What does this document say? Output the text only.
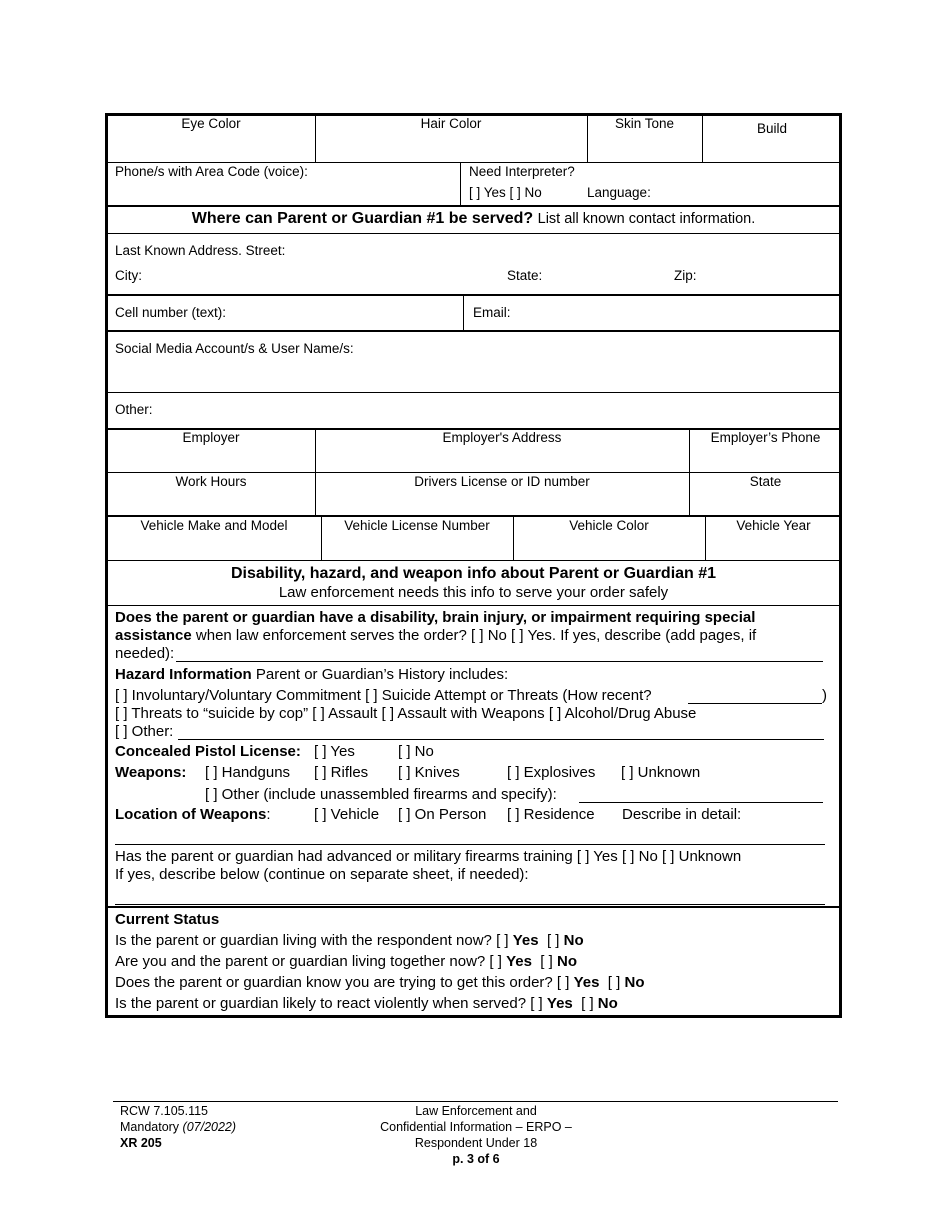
Eye Color	Hair Color	Skin Tone	Build
Phone/s with Area Code (voice):	Need Interpreter?
[ ] Yes [ ] No	Language:
Where can Parent or Guardian #1 be served? List all known contact information.
Last Known Address. Street:
City:	State:	Zip:
Cell number (text):	Email:
Social Media Account/s & User Name/s:
Other:
Employer	Employer's Address	Employer’s Phone
Work Hours	Drivers License or ID number	State
Vehicle Make and Model	Vehicle License Number	Vehicle Color	Vehicle Year
Disability, hazard, and weapon info about Parent or Guardian #1
Law enforcement needs this info to serve your order safely
Does the parent or guardian have a disability, brain injury, or impairment requiring special
assistance when law enforcement serves the order? [ ] No [ ] Yes. If yes, describe (add pages, if
needed):
Hazard Information Parent or Guardian’s History includes:
[ ] Involuntary/Voluntary Commitment [ ] Suicide Attempt or Threats (How recent?	)
[ ] Threats to “suicide by cop” [ ] Assault [ ] Assault with Weapons [ ] Alcohol/Drug Abuse
[ ] Other:
Concealed Pistol License: [ ] Yes	[ ] No
Weapons: [ ] Handguns [ ] Rifles [ ] Knives	[ ] Explosives [ ] Unknown
[ ] Other (include unassembled firearms and specify):
Location of Weapons:	[ ] Vehicle [ ] On Person [ ] Residence Describe in detail:
Has the parent or guardian had advanced or military firearms training [ ] Yes [ ] No [ ] Unknown
If yes, describe below (continue on separate sheet, if needed):
Current Status
Is the parent or guardian living with the respondent now? [ ] Yes  [ ] No
Are you and the parent or guardian living together now? [ ] Yes  [ ] No
Does the parent or guardian know you are trying to get this order? [ ] Yes  [ ] No
Is the parent or guardian likely to react violently when served? [ ] Yes  [ ] No
RCW 7.105.115
Mandatory (07/2022)
XR 205
Law Enforcement and
Confidential Information – ERPO –
Respondent Under 18
p. 3 of 6
